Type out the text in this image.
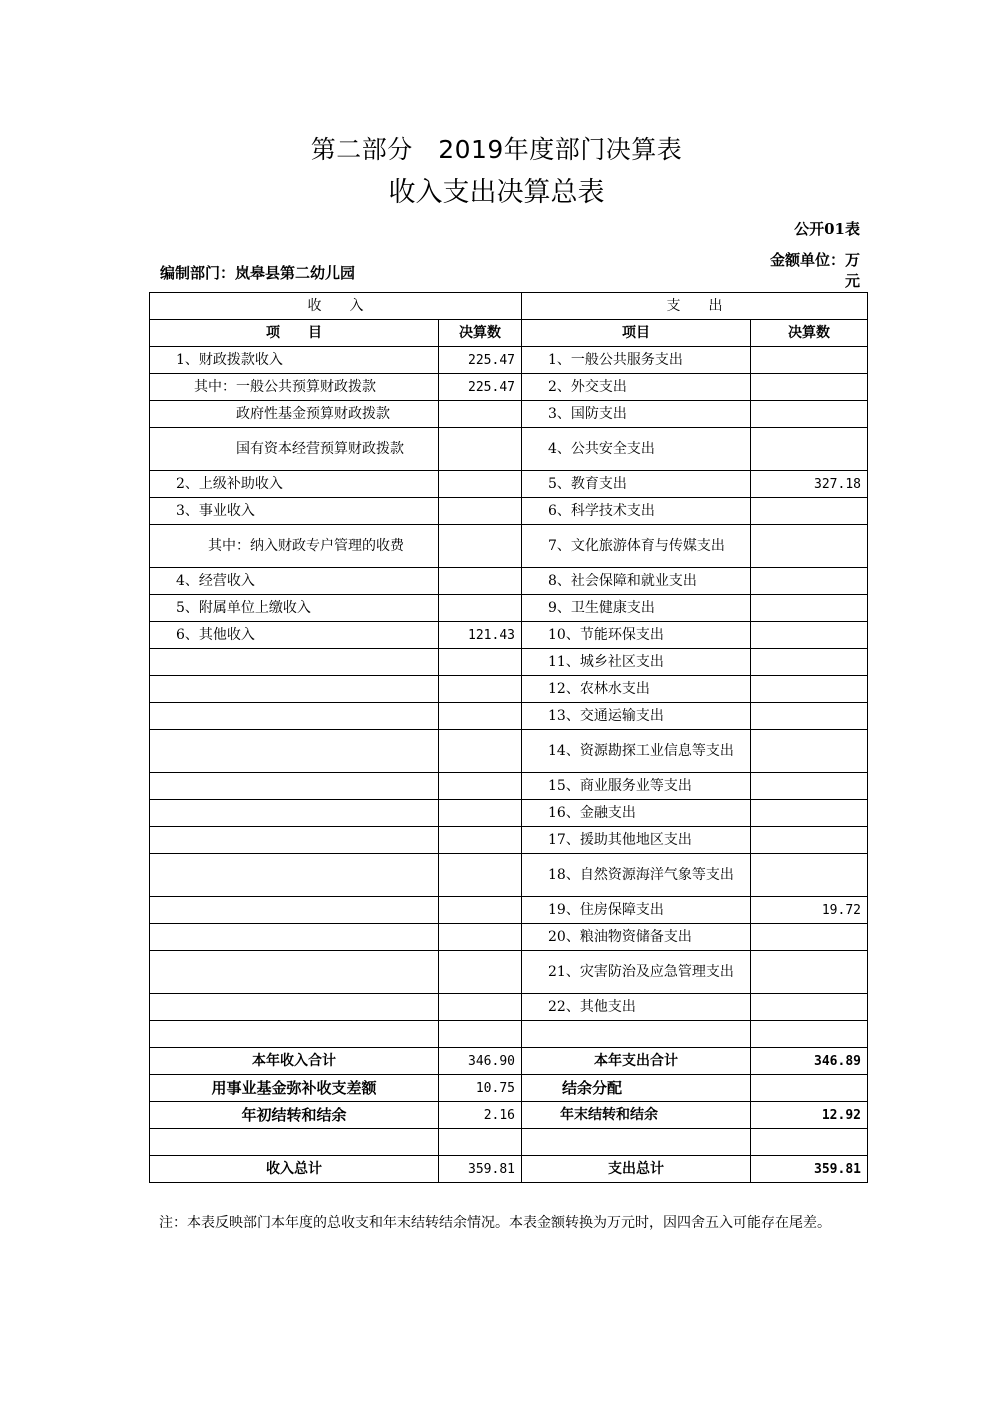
第二部分　2019年度部门决算表
收入支出决算总表
公开01表
编制部门：岚皋县第二幼儿园
金额单位：万
元
收　　入		支　　出	
项　　目	决算数	项目	决算数
1、财政拨款收入	225.47	1、一般公共服务支出	
其中：一般公共预算财政拨款	225.47	2、外交支出	
政府性基金预算财政拨款		3、国防支出	
国有资本经营预算财政拨款		4、公共安全支出	
2、上级补助收入		5、教育支出	327.18
3、事业收入		6、科学技术支出	
其中：纳入财政专户管理的收费		7、文化旅游体育与传媒支出	
4、经营收入		8、社会保障和就业支出	
5、附属单位上缴收入		9、卫生健康支出	
6、其他收入	121.43	10、节能环保支出	
		11、城乡社区支出	
		12、农林水支出	
		13、交通运输支出	
		14、资源勘探工业信息等支出	
		15、商业服务业等支出	
		16、金融支出	
		17、援助其他地区支出	
		18、自然资源海洋气象等支出	
		19、住房保障支出	19.72
		20、粮油物资储备支出	
		21、灾害防治及应急管理支出	
		22、其他支出	

本年收入合计	346.90	本年支出合计	346.89
用事业基金弥补收支差额	10.75	结余分配	
年初结转和结余	2.16	年末结转和结余	12.92

收入总计	359.81	支出总计	359.81
注：本表反映部门本年度的总收支和年末结转结余情况。本表金额转换为万元时，因四舍五入可能存在尾差。
